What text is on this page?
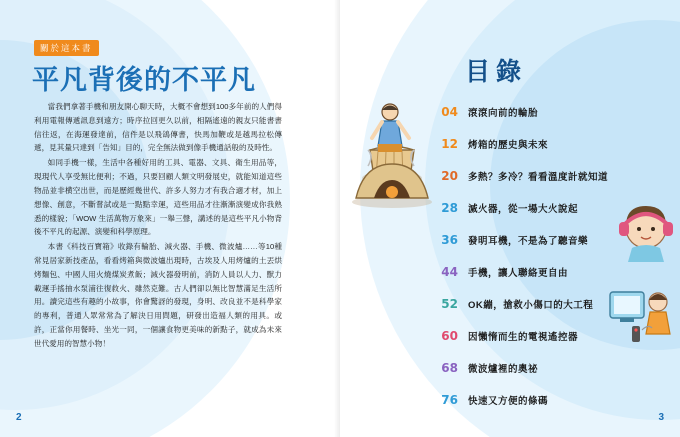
關於這本書
平凡背後的不平凡

當我們拿著手機和朋友開心聊天時，大概不會想到100多年前的人們得利用電報傳遞訊息到遠方；時序拉回更久以前，相隔遙遠的親友只能書書信往返，在海運發達前，信件是以飛鴿傳書，快馬加鞭或是越馬拉松傳遞，見其量只達到「告知」目的，完全無法做到像手機通話般的及時性。

如同手機一樣，生活中各種好用的工具、電器、文具、衛生用品等，現現代人享受無比便利；不過，只要回顧人類文明發展史，就能知道這些物品並非横空出世，而是歷經幾世代、許多人努力才有我合適才材，加上想像、創意，不斷嘗試或是一點點幸運，這些用品才往漸漸演變成你我熟悉的樣貌；「WOW 生活萬物万象來」一舉三聲，講述的是這些平凡小物背後不平凡的起源、演變和科學原理。

本書《科技百寶箱》收錄有輪胎、減火器、手機、微波爐……等10種常見居家新技產品，看看烤箱與微波爐出現時，古埃及人用烤爐的土丟烘烤麵包、中國人用火燒煤炭煮飯；減火器發明前，消防人員以人力、獸力載運手搖抽水泵浦往復救火、雖然克難。古人們卻以無比智慧滿足生活所用。讀完這些有趣的小故事，你會驚訝的發現，身明、改良並不是科學家的專利，普通人眾常常為了解決日用問題，研發出造福人類的用具。或許，正當你用餐時、坐光一同，一個讓食物更美味的新點子，就成為未來世代愛用的智慧小物！

2
目錄
04 滾滾向前的輪胎
12 烤箱的歷史與未來
20 多熱？多冷？看看溫度計就知道
28 滅火器，從一場大火說起
36 發明耳機，不是為了聽音樂
44 手機，讓人聯絡更自由
52 OK繃，搶救小傷口的大工程
60 因懶惰而生的電視遙控器
68 微波爐裡的奧祕
76 快速又方便的條碼
3
